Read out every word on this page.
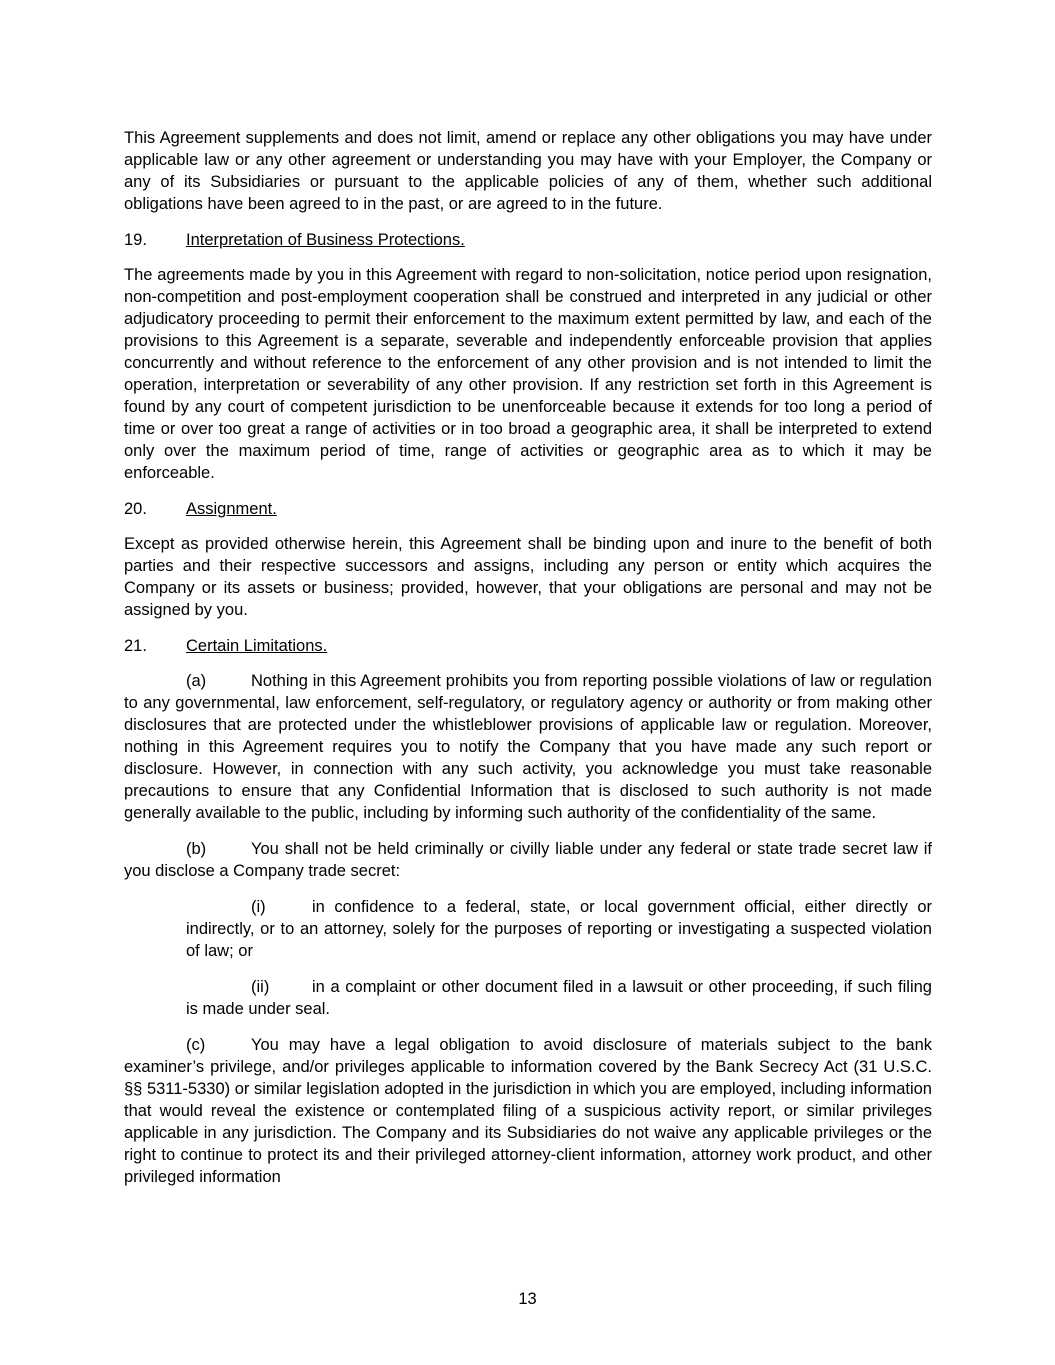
This Agreement supplements and does not limit, amend or replace any other obligations you may have under applicable law or any other agreement or understanding you may have with your Employer, the Company or any of its Subsidiaries or pursuant to the applicable policies of any of them, whether such additional obligations have been agreed to in the past, or are agreed to in the future.

19. Interpretation of Business Protections.

The agreements made by you in this Agreement with regard to non-solicitation, notice period upon resignation, non-competition and post-employment cooperation shall be construed and interpreted in any judicial or other adjudicatory proceeding to permit their enforcement to the maximum extent permitted by law, and each of the provisions to this Agreement is a separate, severable and independently enforceable provision that applies concurrently and without reference to the enforcement of any other provision and is not intended to limit the operation, interpretation or severability of any other provision. If any restriction set forth in this Agreement is found by any court of competent jurisdiction to be unenforceable because it extends for too long a period of time or over too great a range of activities or in too broad a geographic area, it shall be interpreted to extend only over the maximum period of time, range of activities or geographic area as to which it may be enforceable.

20. Assignment.

Except as provided otherwise herein, this Agreement shall be binding upon and inure to the benefit of both parties and their respective successors and assigns, including any person or entity which acquires the Company or its assets or business; provided, however, that your obligations are personal and may not be assigned by you.

21. Certain Limitations.

(a)	Nothing in this Agreement prohibits you from reporting possible violations of law or regulation to any governmental, law enforcement, self-regulatory, or regulatory agency or authority or from making other disclosures that are protected under the whistleblower provisions of applicable law or regulation. Moreover, nothing in this Agreement requires you to notify the Company that you have made any such report or disclosure. However, in connection with any such activity, you acknowledge you must take reasonable precautions to ensure that any Confidential Information that is disclosed to such authority is not made generally available to the public, including by informing such authority of the confidentiality of the same.

(b)	You shall not be held criminally or civilly liable under any federal or state trade secret law if you disclose a Company trade secret:

(i)	in confidence to a federal, state, or local government official, either directly or indirectly, or to an attorney, solely for the purposes of reporting or investigating a suspected violation of law; or

(ii)	in a complaint or other document filed in a lawsuit or other proceeding, if such filing is made under seal.

(c)	You may have a legal obligation to avoid disclosure of materials subject to the bank examiner’s privilege, and/or privileges applicable to information covered by the Bank Secrecy Act (31 U.S.C. §§ 5311-5330) or similar legislation adopted in the jurisdiction in which you are employed, including information that would reveal the existence or contemplated filing of a suspicious activity report, or similar privileges applicable in any jurisdiction. The Company and its Subsidiaries do not waive any applicable privileges or the right to continue to protect its and their privileged attorney-client information, attorney work product, and other privileged information

13
